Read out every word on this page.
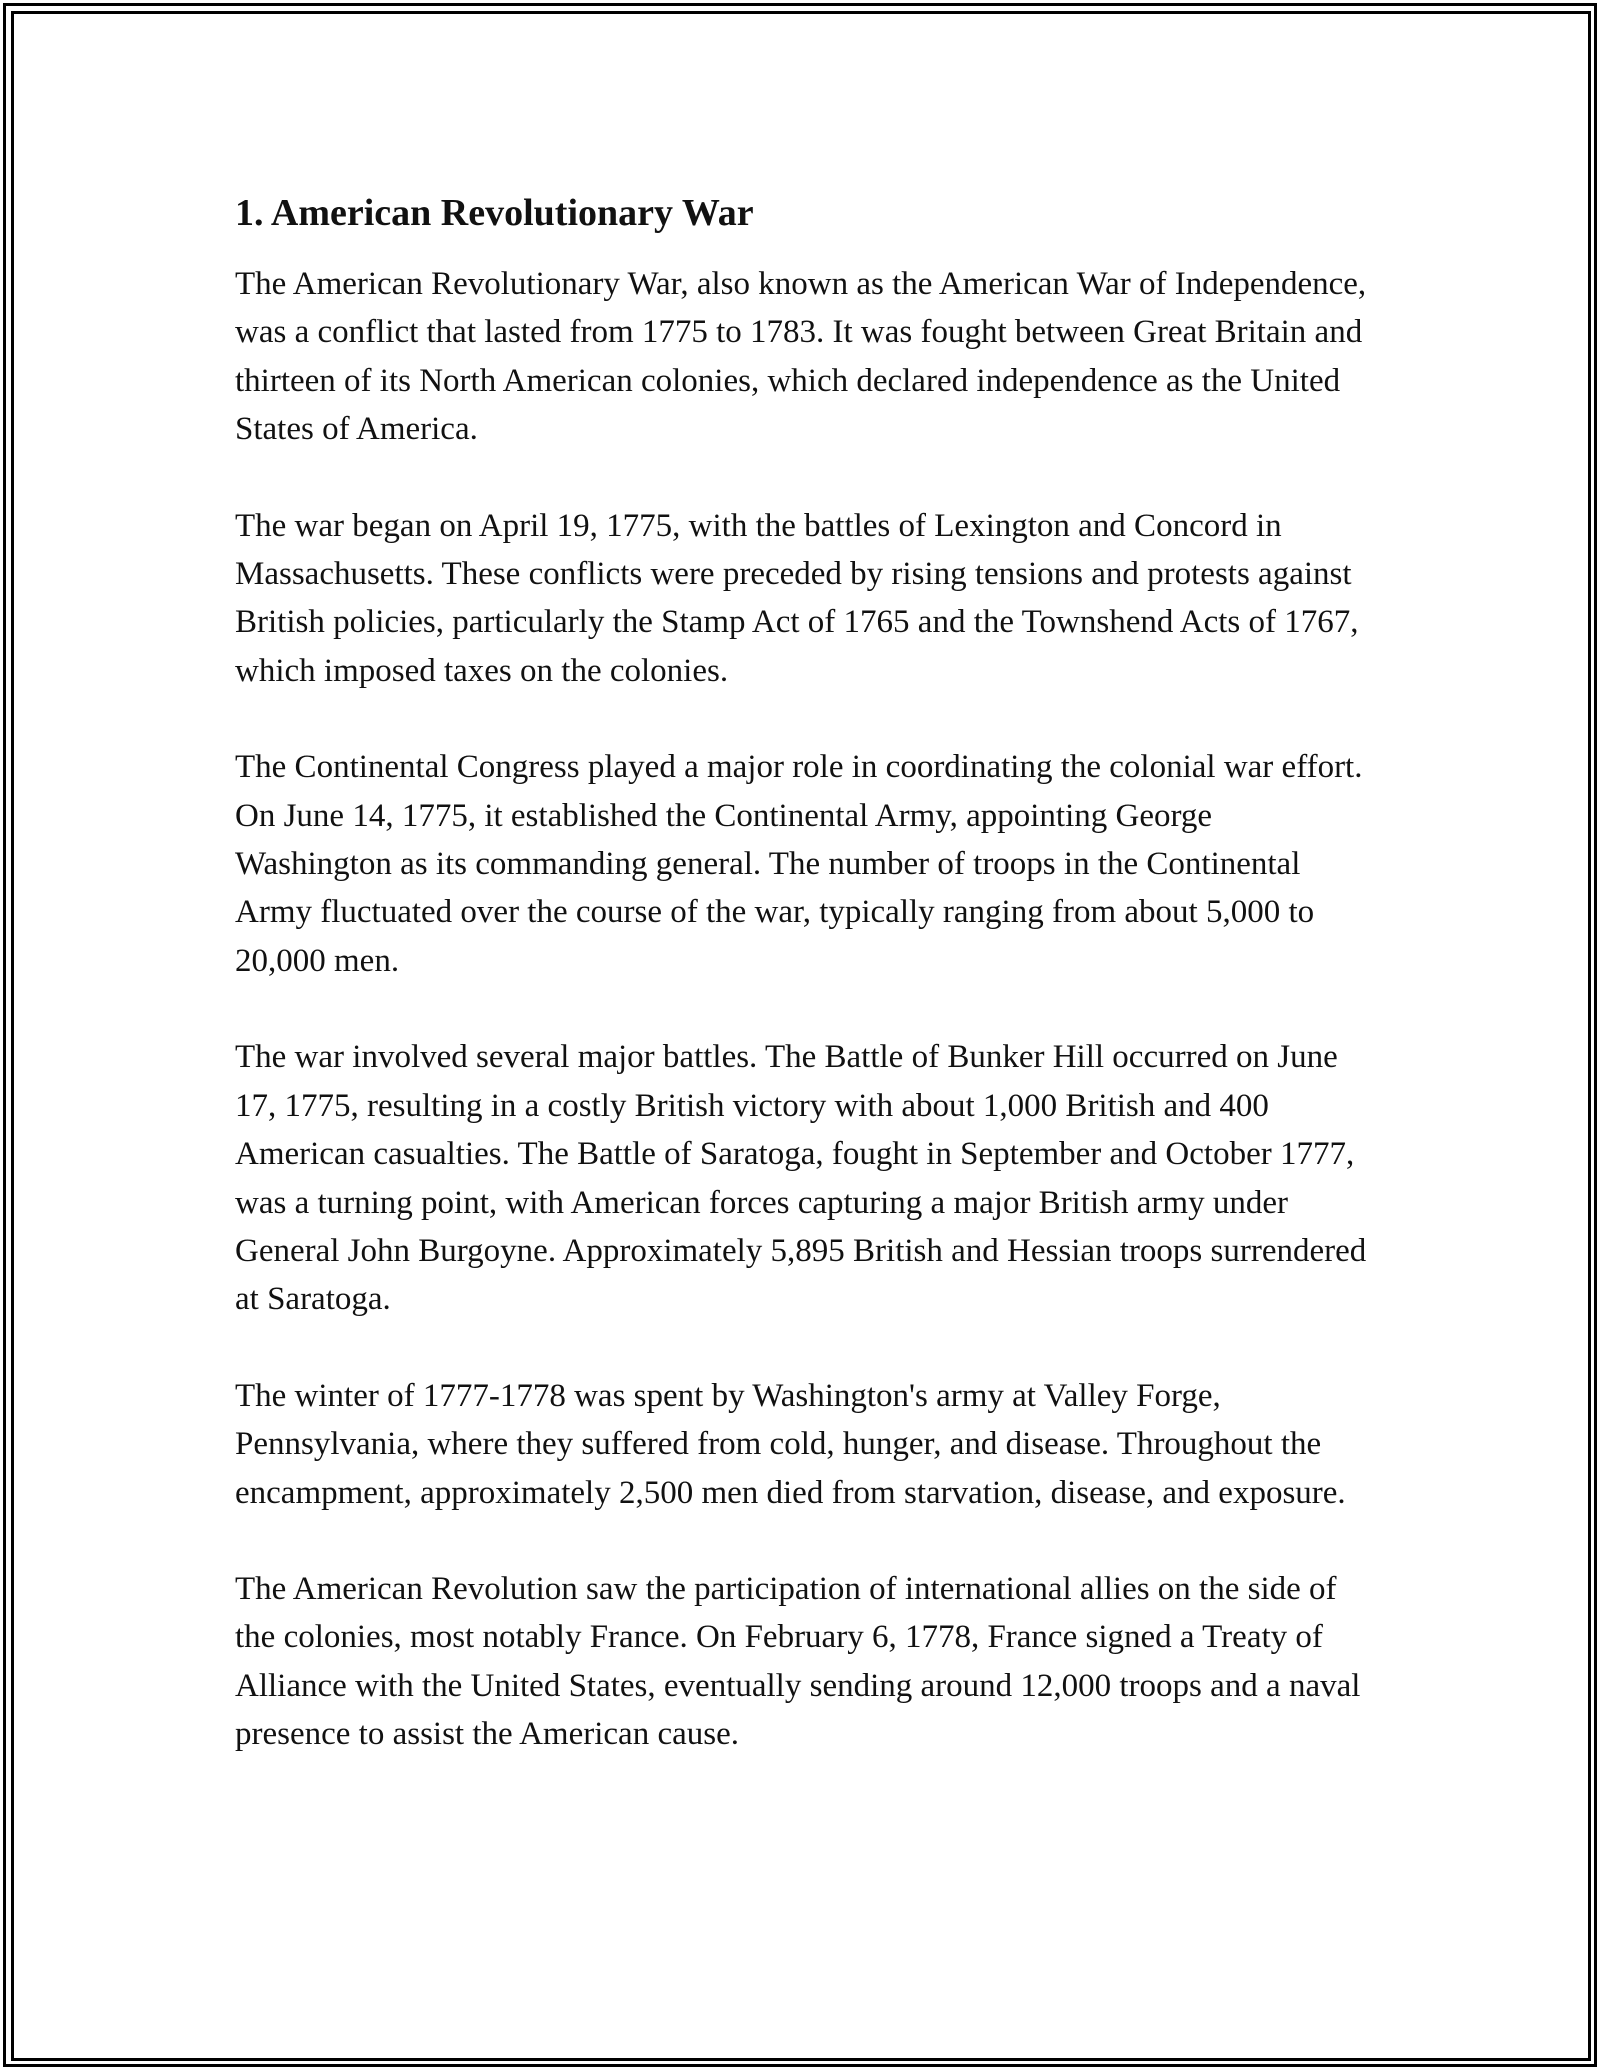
1. American Revolutionary War

The American Revolutionary War, also known as the American War of Independence, was a conflict that lasted from 1775 to 1783. It was fought between Great Britain and thirteen of its North American colonies, which declared independence as the United States of America.

The war began on April 19, 1775, with the battles of Lexington and Concord in Massachusetts. These conflicts were preceded by rising tensions and protests against British policies, particularly the Stamp Act of 1765 and the Townshend Acts of 1767, which imposed taxes on the colonies.

The Continental Congress played a major role in coordinating the colonial war effort. On June 14, 1775, it established the Continental Army, appointing George Washington as its commanding general. The number of troops in the Continental Army fluctuated over the course of the war, typically ranging from about 5,000 to 20,000 men.

The war involved several major battles. The Battle of Bunker Hill occurred on June 17, 1775, resulting in a costly British victory with about 1,000 British and 400 American casualties. The Battle of Saratoga, fought in September and October 1777, was a turning point, with American forces capturing a major British army under General John Burgoyne. Approximately 5,895 British and Hessian troops surrendered at Saratoga.

The winter of 1777-1778 was spent by Washington's army at Valley Forge, Pennsylvania, where they suffered from cold, hunger, and disease. Throughout the encampment, approximately 2,500 men died from starvation, disease, and exposure.

The American Revolution saw the participation of international allies on the side of the colonies, most notably France. On February 6, 1778, France signed a Treaty of Alliance with the United States, eventually sending around 12,000 troops and a naval presence to assist the American cause.
